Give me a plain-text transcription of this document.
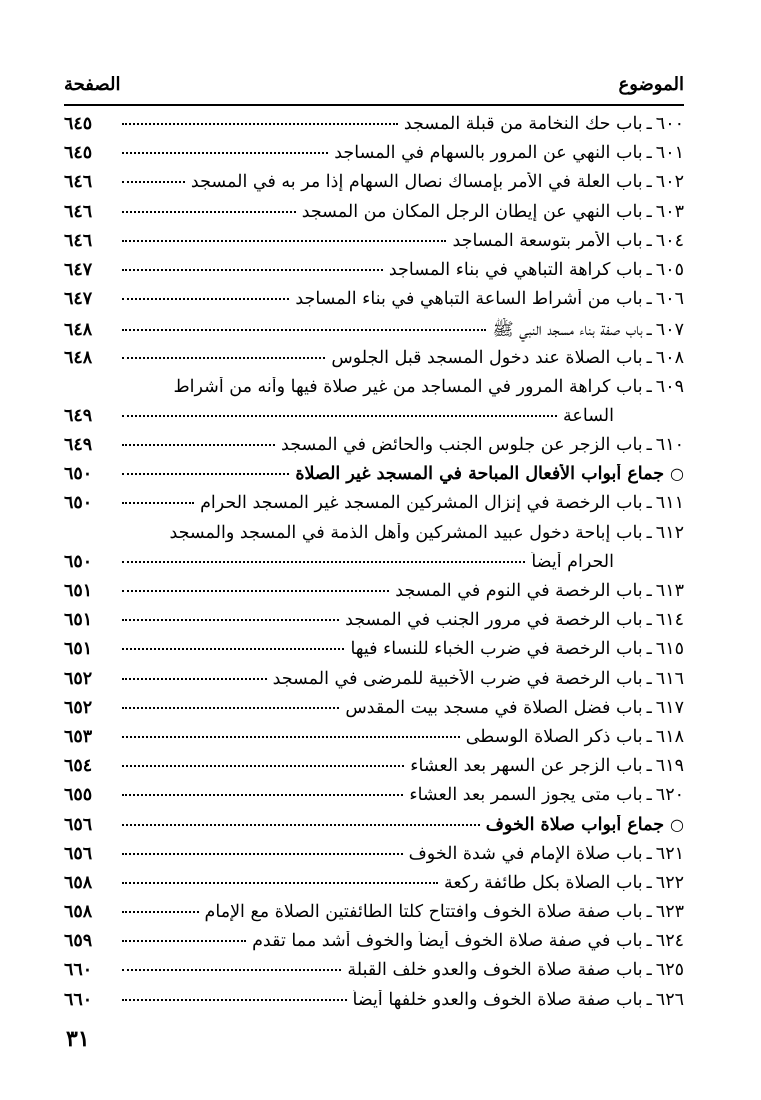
الصفحة	الموضوع
٦٠٠
ـ
باب حك النخامة من قبلة المسجد
٦٤٥
٦٠١
ـ
باب النهي عن المرور بالسهام في المساجد
٦٤٥
٦٠٢
ـ
باب العلة في الأمر بإمساك نصال السهام إذا مر به في المسجد
٦٤٦
٦٠٣
ـ
باب النهي عن إيطان الرجل المكان من المسجد
٦٤٦
٦٠٤
ـ
باب الأمر بتوسعة المساجد
٦٤٦
٦٠٥
ـ
باب كراهة التباهي في بناء المساجد
٦٤٧
٦٠٦
ـ
باب من أشراط الساعة التباهي في بناء المساجد
٦٤٧
٦٠٧
ـ
باب صفة بناء مسجد النبي ﷺ
٦٤٨
٦٠٨
ـ
باب الصلاة عند دخول المسجد قبل الجلوس
٦٤٨
٦٠٩
ـ
باب كراهة المرور في المساجد من غير صلاة فيها وأنه من أشراط
الساعة
٦٤٩
٦١٠
ـ
باب الزجر عن جلوس الجنب والحائض في المسجد
٦٤٩
○
جماع أبواب الأفعال المباحة في المسجد غير الصلاة
٦٥٠
٦١١
ـ
باب الرخصة في إنزال المشركين المسجد غير المسجد الحرام
٦٥٠
٦١٢
ـ
باب إباحة دخول عبيد المشركين وأهل الذمة في المسجد والمسجد
الحرام أيضاً
٦٥٠
٦١٣
ـ
باب الرخصة في النوم في المسجد
٦٥١
٦١٤
ـ
باب الرخصة في مرور الجنب في المسجد
٦٥١
٦١٥
ـ
باب الرخصة في ضرب الخباء للنساء فيها
٦٥١
٦١٦
ـ
باب الرخصة في ضرب الأخبية للمرضى في المسجد
٦٥٢
٦١٧
ـ
باب فضل الصلاة في مسجد بيت المقدس
٦٥٢
٦١٨
ـ
باب ذكر الصلاة الوسطى
٦٥٣
٦١٩
ـ
باب الزجر عن السهر بعد العشاء
٦٥٤
٦٢٠
ـ
باب متى يجوز السمر بعد العشاء
٦٥٥
○
جماع أبواب صلاة الخوف
٦٥٦
٦٢١
ـ
باب صلاة الإمام في شدة الخوف
٦٥٦
٦٢٢
ـ
باب الصلاة بكل طائفة ركعة
٦٥٨
٦٢٣
ـ
باب صفة صلاة الخوف وافتتاح كلتا الطائفتين الصلاة مع الإمام
٦٥٨
٦٢٤
ـ
باب في صفة صلاة الخوف أيضاً والخوف أشد مما تقدم
٦٥٩
٦٢٥
ـ
باب صفة صلاة الخوف والعدو خلف القبلة
٦٦٠
٦٢٦
ـ
باب صفة صلاة الخوف والعدو خلفها أيضاً
٦٦٠
٣١
